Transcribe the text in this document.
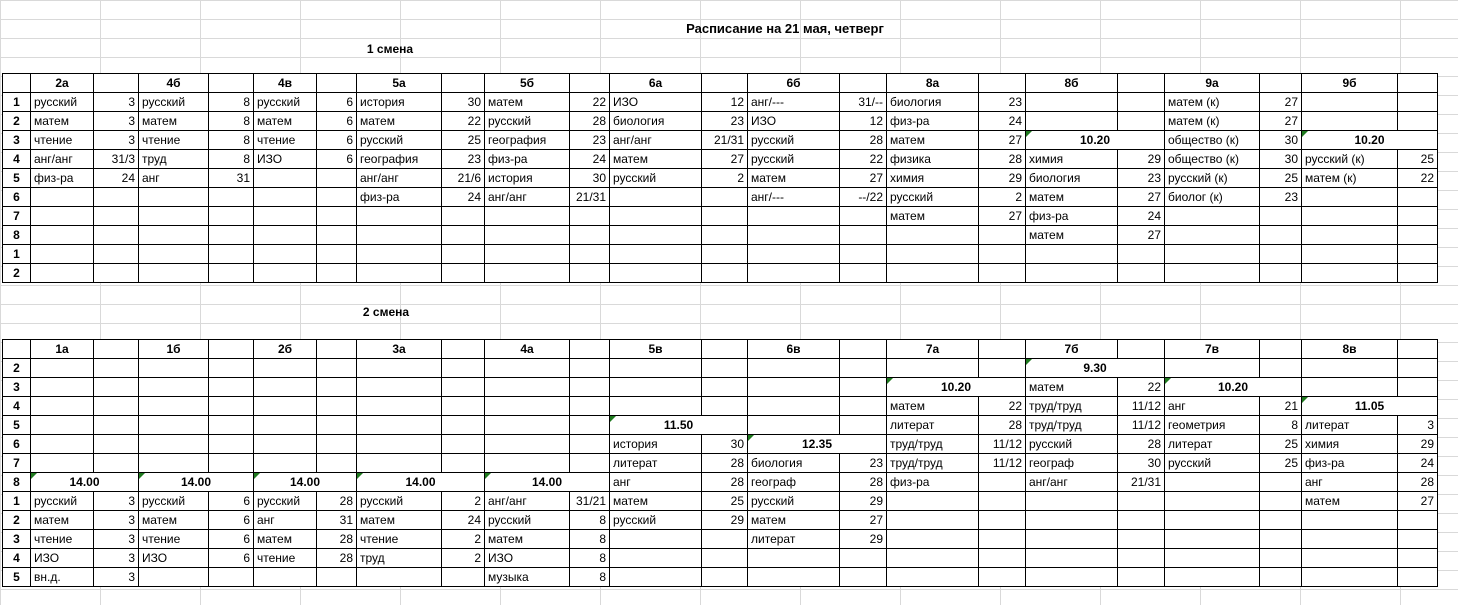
Расписание на 21 мая, четверг
1 смена
2 смена
	2а		4б		4в		5а		5б		6а		6б		8а		8б		9а		9б	
1	русский	3	русский	8	русский	6	история	30	матем	22	ИЗО	12	анг/---	31/--	биология	23			матем (к)	27		
2	матем	3	матем	8	матем	6	матем	22	русский	28	биология	23	ИЗО	12	физ-ра	24			матем (к)	27		
3	чтение	3	чтение	8	чтение	6	русский	25	география	23	анг/анг	21/31	русский	28	матем	27	10.20		общество (к)	30	10.20	
4	анг/анг	31/3	труд	8	ИЗО	6	география	23	физ-ра	24	матем	27	русский	22	физика	28	химия	29	общество (к)	30	русский (к)	25
5	физ-ра	24	анг	31			анг/анг	21/6	история	30	русский	2	матем	27	химия	29	биология	23	русский (к)	25	матем (к)	22
6							физ-ра	24	анг/анг	21/31			анг/---	--/22	русский	2	матем	27	биолог (к)	23		
7															матем	27	физ-ра	24				
8																	матем	27				
1																						
2																						
	1а		1б		2б		3а		4а		5в		6в		7а		7б		7в		8в	
2																	9.30					
3															10.20		матем	22	10.20			
4															матем	22	труд/труд	11/12	анг	21	11.05	
5											11.50				литерат	28	труд/труд	11/12	геометрия	8	литерат	3
6											история	30	12.35		труд/труд	11/12	русский	28	литерат	25	химия	29
7											литерат	28	биология	23	труд/труд	11/12	географ	30	русский	25	физ-ра	24
8	14.00		14.00		14.00		14.00		14.00		анг	28	географ	28	физ-ра		анг/анг	21/31			анг	28
1	русский	3	русский	6	русский	28	русский	2	анг/анг	31/21	матем	25	русский	29							матем	27
2	матем	3	матем	6	анг	31	матем	24	русский	8	русский	29	матем	27								
3	чтение	3	чтение	6	матем	28	чтение	2	матем	8			литерат	29								
4	ИЗО	3	ИЗО	6	чтение	28	труд	2	ИЗО	8												
5	вн.д.	3							музыка	8												
